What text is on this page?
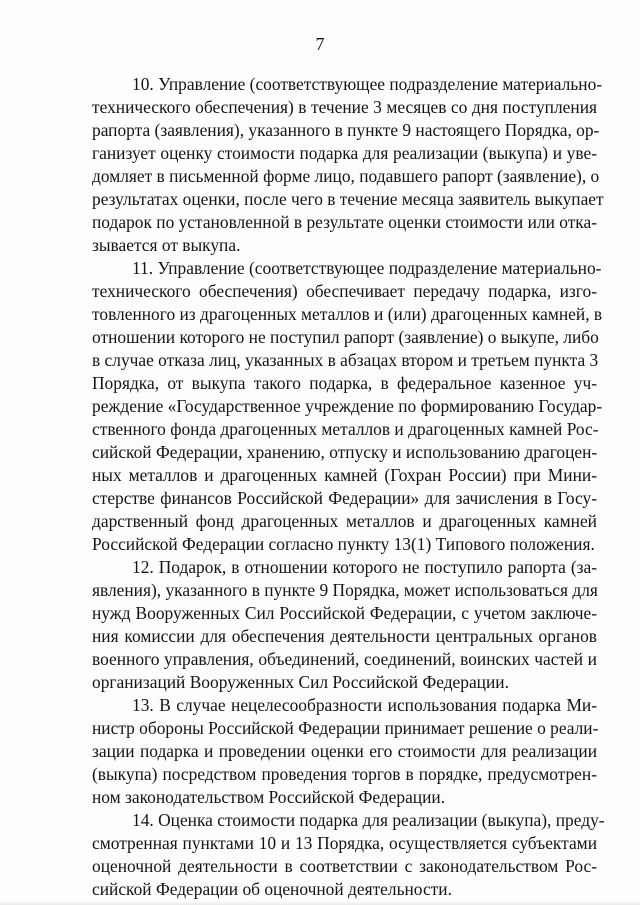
7
10. Управление (соответствующее подразделение материально-
технического обеспечения) в течение 3 месяцев со дня поступления
рапорта (заявления), указанного в пункте 9 настоящего Порядка, ор-
ганизует оценку стоимости подарка для реализации (выкупа) и уве-
домляет в письменной форме лицо, подавшего рапорт (заявление), о
результатах оценки, после чего в течение месяца заявитель выкупает
подарок по установленной в результате оценки стоимости или отка-
зывается от выкупа.
11. Управление (соответствующее подразделение материально-
технического обеспечения) обеспечивает передачу подарка, изго-
товленного из драгоценных металлов и (или) драгоценных камней, в
отношении которого не поступил рапорт (заявление) о выкупе, либо
в случае отказа лиц, указанных в абзацах втором и третьем пункта 3
Порядка, от выкупа такого подарка, в федеральное казенное уч-
реждение «Государственное учреждение по формированию Государ-
ственного фонда драгоценных металлов и драгоценных камней Рос-
сийской Федерации, хранению, отпуску и использованию драгоцен-
ных металлов и драгоценных камней (Гохран России) при Мини-
стерстве финансов Российской Федерации» для зачисления в Госу-
дарственный фонд драгоценных металлов и драгоценных камней
Российской Федерации согласно пункту 13(1) Типового положения.
12. Подарок, в отношении которого не поступило рапорта (за-
явления), указанного в пункте 9 Порядка, может использоваться для
нужд Вооруженных Сил Российской Федерации, с учетом заключе-
ния комиссии для обеспечения деятельности центральных органов
военного управления, объединений, соединений, воинских частей и
организаций Вооруженных Сил Российской Федерации.
13. В случае нецелесообразности использования подарка Ми-
нистр обороны Российской Федерации принимает решение о реали-
зации подарка и проведении оценки его стоимости для реализации
(выкупа) посредством проведения торгов в порядке, предусмотрен-
ном законодательством Российской Федерации.
14. Оценка стоимости подарка для реализации (выкупа), преду-
смотренная пунктами 10 и 13 Порядка, осуществляется субъектами
оценочной деятельности в соответствии с законодательством Рос-
сийской Федерации об оценочной деятельности.
